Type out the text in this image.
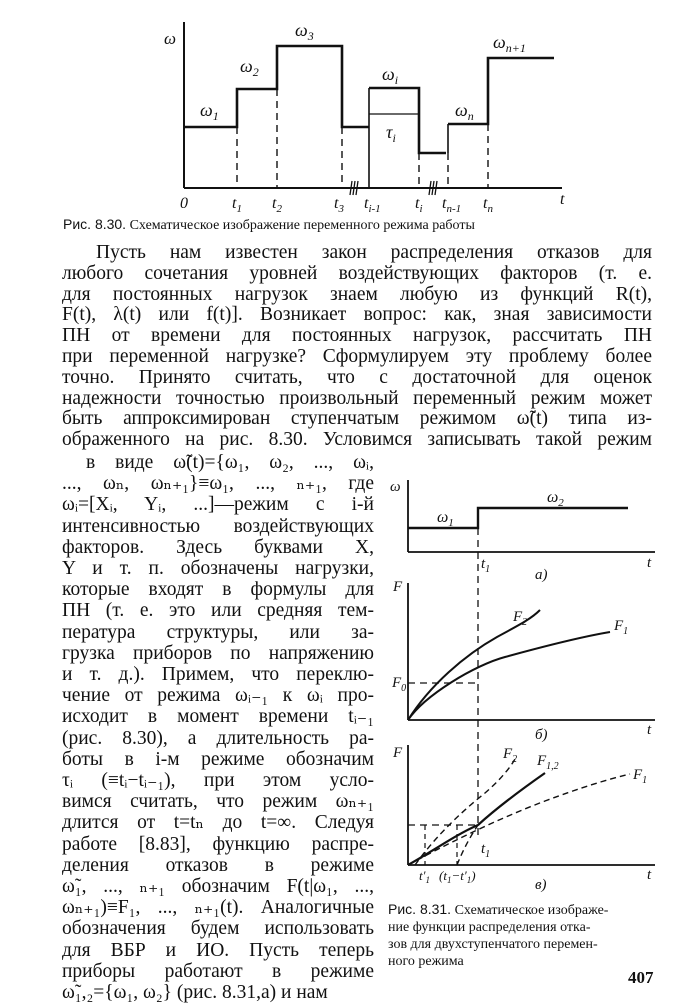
ω
t
$\omega_1$
$\omega_2$
$\omega_3$
$\omega_i$
$\omega_n$
$\omega_{n+1}$
$\tau_i$
0	$t_1$ $t_2$	$t_3$ $t_{i-1}$ $t_i$ $t_{n-1}$ $t_n$
Рис. 8.30. Схематическое изображение переменного режима работы
Пусть нам известен закон распределения отказов для
любого сочетания уровней воздействующих факторов (т. е.
для постоянных нагрузок знаем любую из функций R(t),
F(t), λ(t) или f(t)]. Возникает вопрос: как, зная зависимости
ПН от времени для постоянных нагрузок, рассчитать ПН
при переменной нагрузке? Сформулируем эту проблему более
точно. Принято считать, что с достаточной для оценок
надежности точностью произвольный переменный режим может
быть аппроксимирован ступенчатым режимом ω̃(t) типа из-
ображенного на рис. 8.30. Условимся записывать такой режим
в виде ω̃(t)={ω₁, ω₂, ..., ωᵢ,
..., ωₙ, ωₙ₊₁}≡ω₁, ..., ₙ₊₁, где
ωᵢ=[Xᵢ, Yᵢ, ...]—режим с i-й
интенсивностью воздействующих
факторов. Здесь буквами X,
Y и т. п. обозначены нагрузки,
которые входят в формулы для
ПН (т. е. это или средняя тем-
пература структуры, или за-
грузка приборов по напряжению
и т. д.). Примем, что переклю-
чение от режима ωᵢ₋₁ к ωᵢ про-
исходит в момент времени tᵢ₋₁
(рис. 8.30), а длительность ра-
боты в i-м режиме обозначим
τᵢ (≡tᵢ−tᵢ₋₁), при этом усло-
вимся считать, что режим ωₙ₊₁
длится от t=tₙ до t=∞. Следуя
работе [8.83], функцию распре-
деления отказов в режиме
ω̃₁, ..., ₙ₊₁ обозначим F(t|ω₁, ...,
ωₙ₊₁)≡F₁, ..., ₙ₊₁(t). Аналогичные
обозначения будем использовать
для ВБР и ИО. Пусть теперь
приборы работают в режиме
ω̃₁,₂={ω₁, ω₂} (рис. 8.31,а) и нам
ω
t
$\omega_1$
$\omega_2$
$t_1$	а)
F
t
$F_1$
$F_2$
$F_0$
б)
F
t
$F_1$
$F_2$ $F_{1,2}$
$t_1$
$t'_1$ $(t_1-t'_1)$
в)
Рис. 8.31. Схематическое изображе-
ние функции распределения отка-
зов для двухступенчатого перемен-
ного режима
407
